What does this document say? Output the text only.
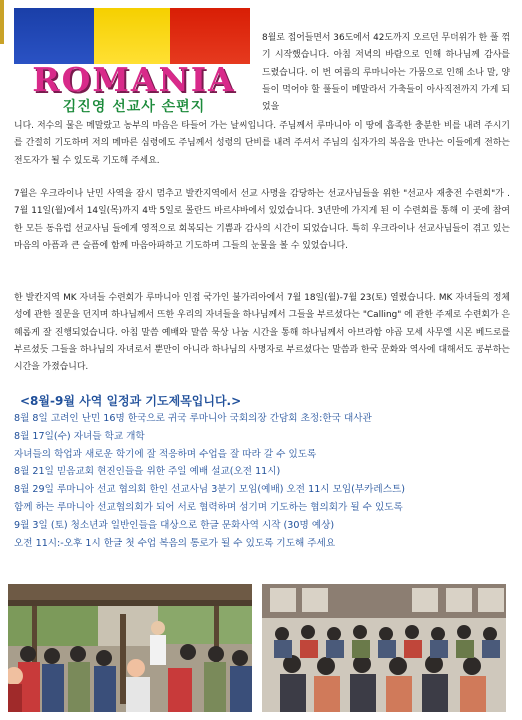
ROMANIA
김진영 선교사 손편지

8월로 접어들면서 36도에서 42도까지 오르던 무더위가 한 풀 꺾기 시작했습니다. 아침 저녁의 바람으로 인해 하나님께 감사를 드렸습니다. 이 번 여름의 루마니아는 가뭄으로 인해 소나 말, 양들이 먹어야 할 풀들이 메말라서 가축들이 아사직전까지 가게 되었을

니다. 저수의 물은 메말랐고 농부의 마음은 타들어 가는 날씨입니다. 주님께서 루마니아 이 땅에 흡족한 충분한 비를 내려 주시기를 간절히 기도하며 저의 메마른 심령에도 주님께서 성령의 단비를 내려 주셔서 주님의 십자가의 복음을 만나는 이들에게 전하는 전도자가 될 수 있도록 기도해 주세요.

7월은 우크라이나 난민 사역을 잠시 멈추고 발칸지역에서 선교 사명을 감당하는 선교사님들을 위한 "선교사 재충전 수련회"가 . 7월 11일(월)에서 14일(목)까지 4박 5일로 몰란드 바르샤바에서 있었습니다. 3년만에 가지게 된 이 수련회를 통해 이 곳에 참여한 모든 동유럽 선교사님 들에게 영적으로 회복되는 기쁨과 감사의 시간이 되었습니다. 특히 우크라이나 선교사님들이 겪고 있는 마음의 아픔과 큰 슬픔에 함께 마음아파하고 기도하며 그들의 눈물을 볼 수 있었습니다.

한 발칸지역 MK 자녀들 수련회가 루마니아 인접 국가인 불가리아에서 7월 18일(월)-7월 23(토) 열렸습니다. MK 자녀들의 정체성에 관한 질문을 던지며 하나님께서 뜨한 우리의 자녀들을 하나님께서 그들을 부르셨다는 "Calling" 에 관한 주제로 수련회가 은혜롭게 잘 진행되었습니다. 아침 말씀 예배와 말씀 묵상 나눔 시간을 통해 하나님께서 아브라함 야곱 모세 사무엘 시몬 베드로를 부르셨듯 그들을 하나님의 자녀로서 뿐만이 아니라 하나님의 사명자로 부르셨다는 말씀과 한국 문화와 역사에 대해서도 공부하는 시간을 가졌습니다.

<8월-9월 사역 일정과 기도제목입니다.>
8월 8일 고려인 난민 16명 한국으로 귀국 루마니아 국회의장 간담회 초정:한국 대사관
8월 17일(수) 자녀들 학교 개학
자녀들의 학업과 새로운 학기에 잘 적응하며 수업을 잘 따라 갈 수 있도록
8월 21일 믿음교회 현진인들을 위한 주일 예배 설교(오전 11시)
8월 29일 루마니아 선교 협의회 한인 선교사님 3분기 모임(예배) 오전 11시 모임(부카레스트)
함께 하는 루마니아 선교협의회가 되어 서로 협력하며 섬기며 기도하는 협의회가 될 수 있도록
9월 3일 (토) 청소년과 일반인들을 대상으로 한글 문화사역 시작 (30명 예상)
오전 11시:-오후 1시 한글 첫 수업 복음의 통로가 될 수 있도록 기도해 주세요
